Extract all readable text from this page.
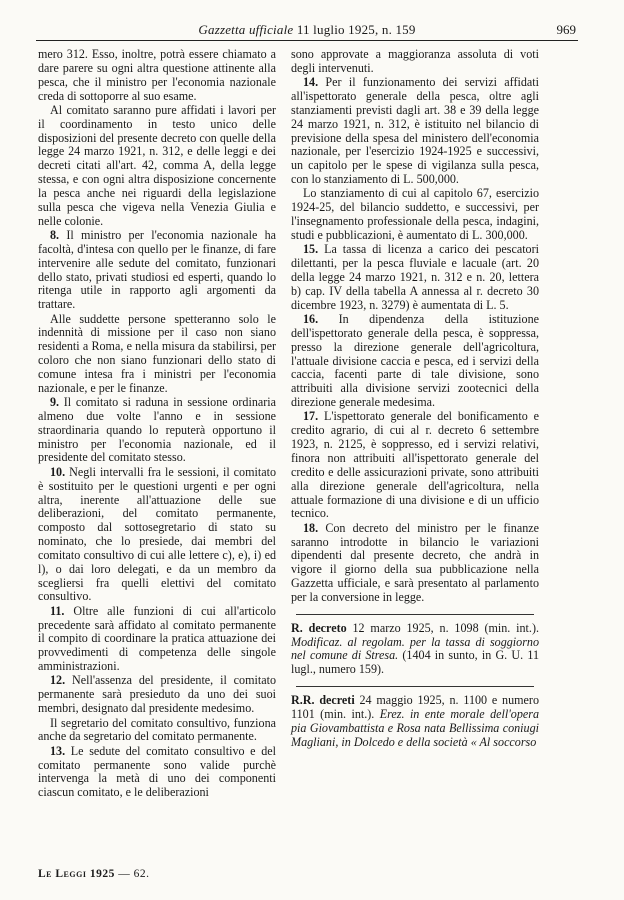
Gazzetta ufficiale 11 luglio 1925, n. 159	969

mero 312. Esso, inoltre, potrà essere chiamato a dare parere su ogni altra questione attinente alla pesca, che il ministro per l'economia nazionale creda di sottoporre al suo esame.

Al comitato saranno pure affidati i lavori per il coordinamento in testo unico delle disposizioni del presente decreto con quelle della legge 24 marzo 1921, n. 312, e delle leggi e dei decreti citati all'art. 42, comma A, della legge stessa, e con ogni altra disposizione concernente la pesca anche nei riguardi della legislazione sulla pesca che vigeva nella Venezia Giulia e nelle colonie.

8. Il ministro per l'economia nazionale ha facoltà, d'intesa con quello per le finanze, di fare intervenire alle sedute del comitato, funzionari dello stato, privati studiosi ed esperti, quando lo ritenga utile in rapporto agli argomenti da trattare.

Alle suddette persone spetteranno solo le indennità di missione per il caso non siano residenti a Roma, e nella misura da stabilirsi, per coloro che non siano funzionari dello stato di comune intesa fra i ministri per l'economia nazionale, e per le finanze.

9. Il comitato si raduna in sessione ordinaria almeno due volte l'anno e in sessione straordinaria quando lo reputerà opportuno il ministro per l'economia nazionale, ed il presidente del comitato stesso.

10. Negli intervalli fra le sessioni, il comitato è sostituito per le questioni urgenti e per ogni altra, inerente all'attuazione delle sue deliberazioni, del comitato permanente, composto dal sottosegretario di stato su nominato, che lo presiede, dai membri del comitato consultivo di cui alle lettere c), e), i) ed l), o dai loro delegati, e da un membro da scegliersi fra quelli elettivi del comitato consultivo.

11. Oltre alle funzioni di cui all'articolo precedente sarà affidato al comitato permanente il compito di coordinare la pratica attuazione dei provvedimenti di competenza delle singole amministrazioni.

12. Nell'assenza del presidente, il comitato permanente sarà presieduto da uno dei suoi membri, designato dal presidente medesimo.

Il segretario del comitato consultivo, funziona anche da segretario del comitato permanente.

13. Le sedute del comitato consultivo e del comitato permanente sono valide purchè intervenga la metà di uno dei componenti ciascun comitato, e le deliberazioni

sono approvate a maggioranza assoluta di voti degli intervenuti.

14. Per il funzionamento dei servizi affidati all'ispettorato generale della pesca, oltre agli stanziamenti previsti dagli art. 38 e 39 della legge 24 marzo 1921, n. 312, è istituito nel bilancio di previsione della spesa del ministero dell'economia nazionale, per l'esercizio 1924-1925 e successivi, un capitolo per le spese di vigilanza sulla pesca, con lo stanziamento di L. 500,000.

Lo stanziamento di cui al capitolo 67, esercizio 1924-25, del bilancio suddetto, e successivi, per l'insegnamento professionale della pesca, indagini, studi e pubblicazioni, è aumentato di L. 300,000.

15. La tassa di licenza a carico dei pescatori dilettanti, per la pesca fluviale e lacuale (art. 20 della legge 24 marzo 1921, n. 312 e n. 20, lettera b) cap. IV della tabella A annessa al r. decreto 30 dicembre 1923, n. 3279) è aumentata di L. 5.

16. In dipendenza della istituzione dell'ispettorato generale della pesca, è soppressa, presso la direzione generale dell'agricoltura, l'attuale divisione caccia e pesca, ed i servizi della caccia, facenti parte di tale divisione, sono attribuiti alla divisione servizi zootecnici della direzione generale medesima.

17. L'ispettorato generale del bonificamento e credito agrario, di cui al r. decreto 6 settembre 1923, n. 2125, è soppresso, ed i servizi relativi, finora non attribuiti all'ispettorato generale del credito e delle assicurazioni private, sono attribuiti alla direzione generale dell'agricoltura, nella attuale formazione di una divisione e di un ufficio tecnico.

18. Con decreto del ministro per le finanze saranno introdotte in bilancio le variazioni dipendenti dal presente decreto, che andrà in vigore il giorno della sua pubblicazione nella Gazzetta ufficiale, e sarà presentato al parlamento per la conversione in legge.

R. decreto 12 marzo 1925, n. 1098 (min. int.). Modificaz. al regolam. per la tassa di soggiorno nel comune di Stresa. (1404 in sunto, in G. U. 11 lugl., numero 159).

R.R. decreti 24 maggio 1925, n. 1100 e numero 1101 (min. int.). Erez. in ente morale dell'opera pia Giovambattista e Rosa nata Bellissima coniugi Magliani, in Dolcedo e della società « Al soccorso

Le Leggi 1925 — 62.
